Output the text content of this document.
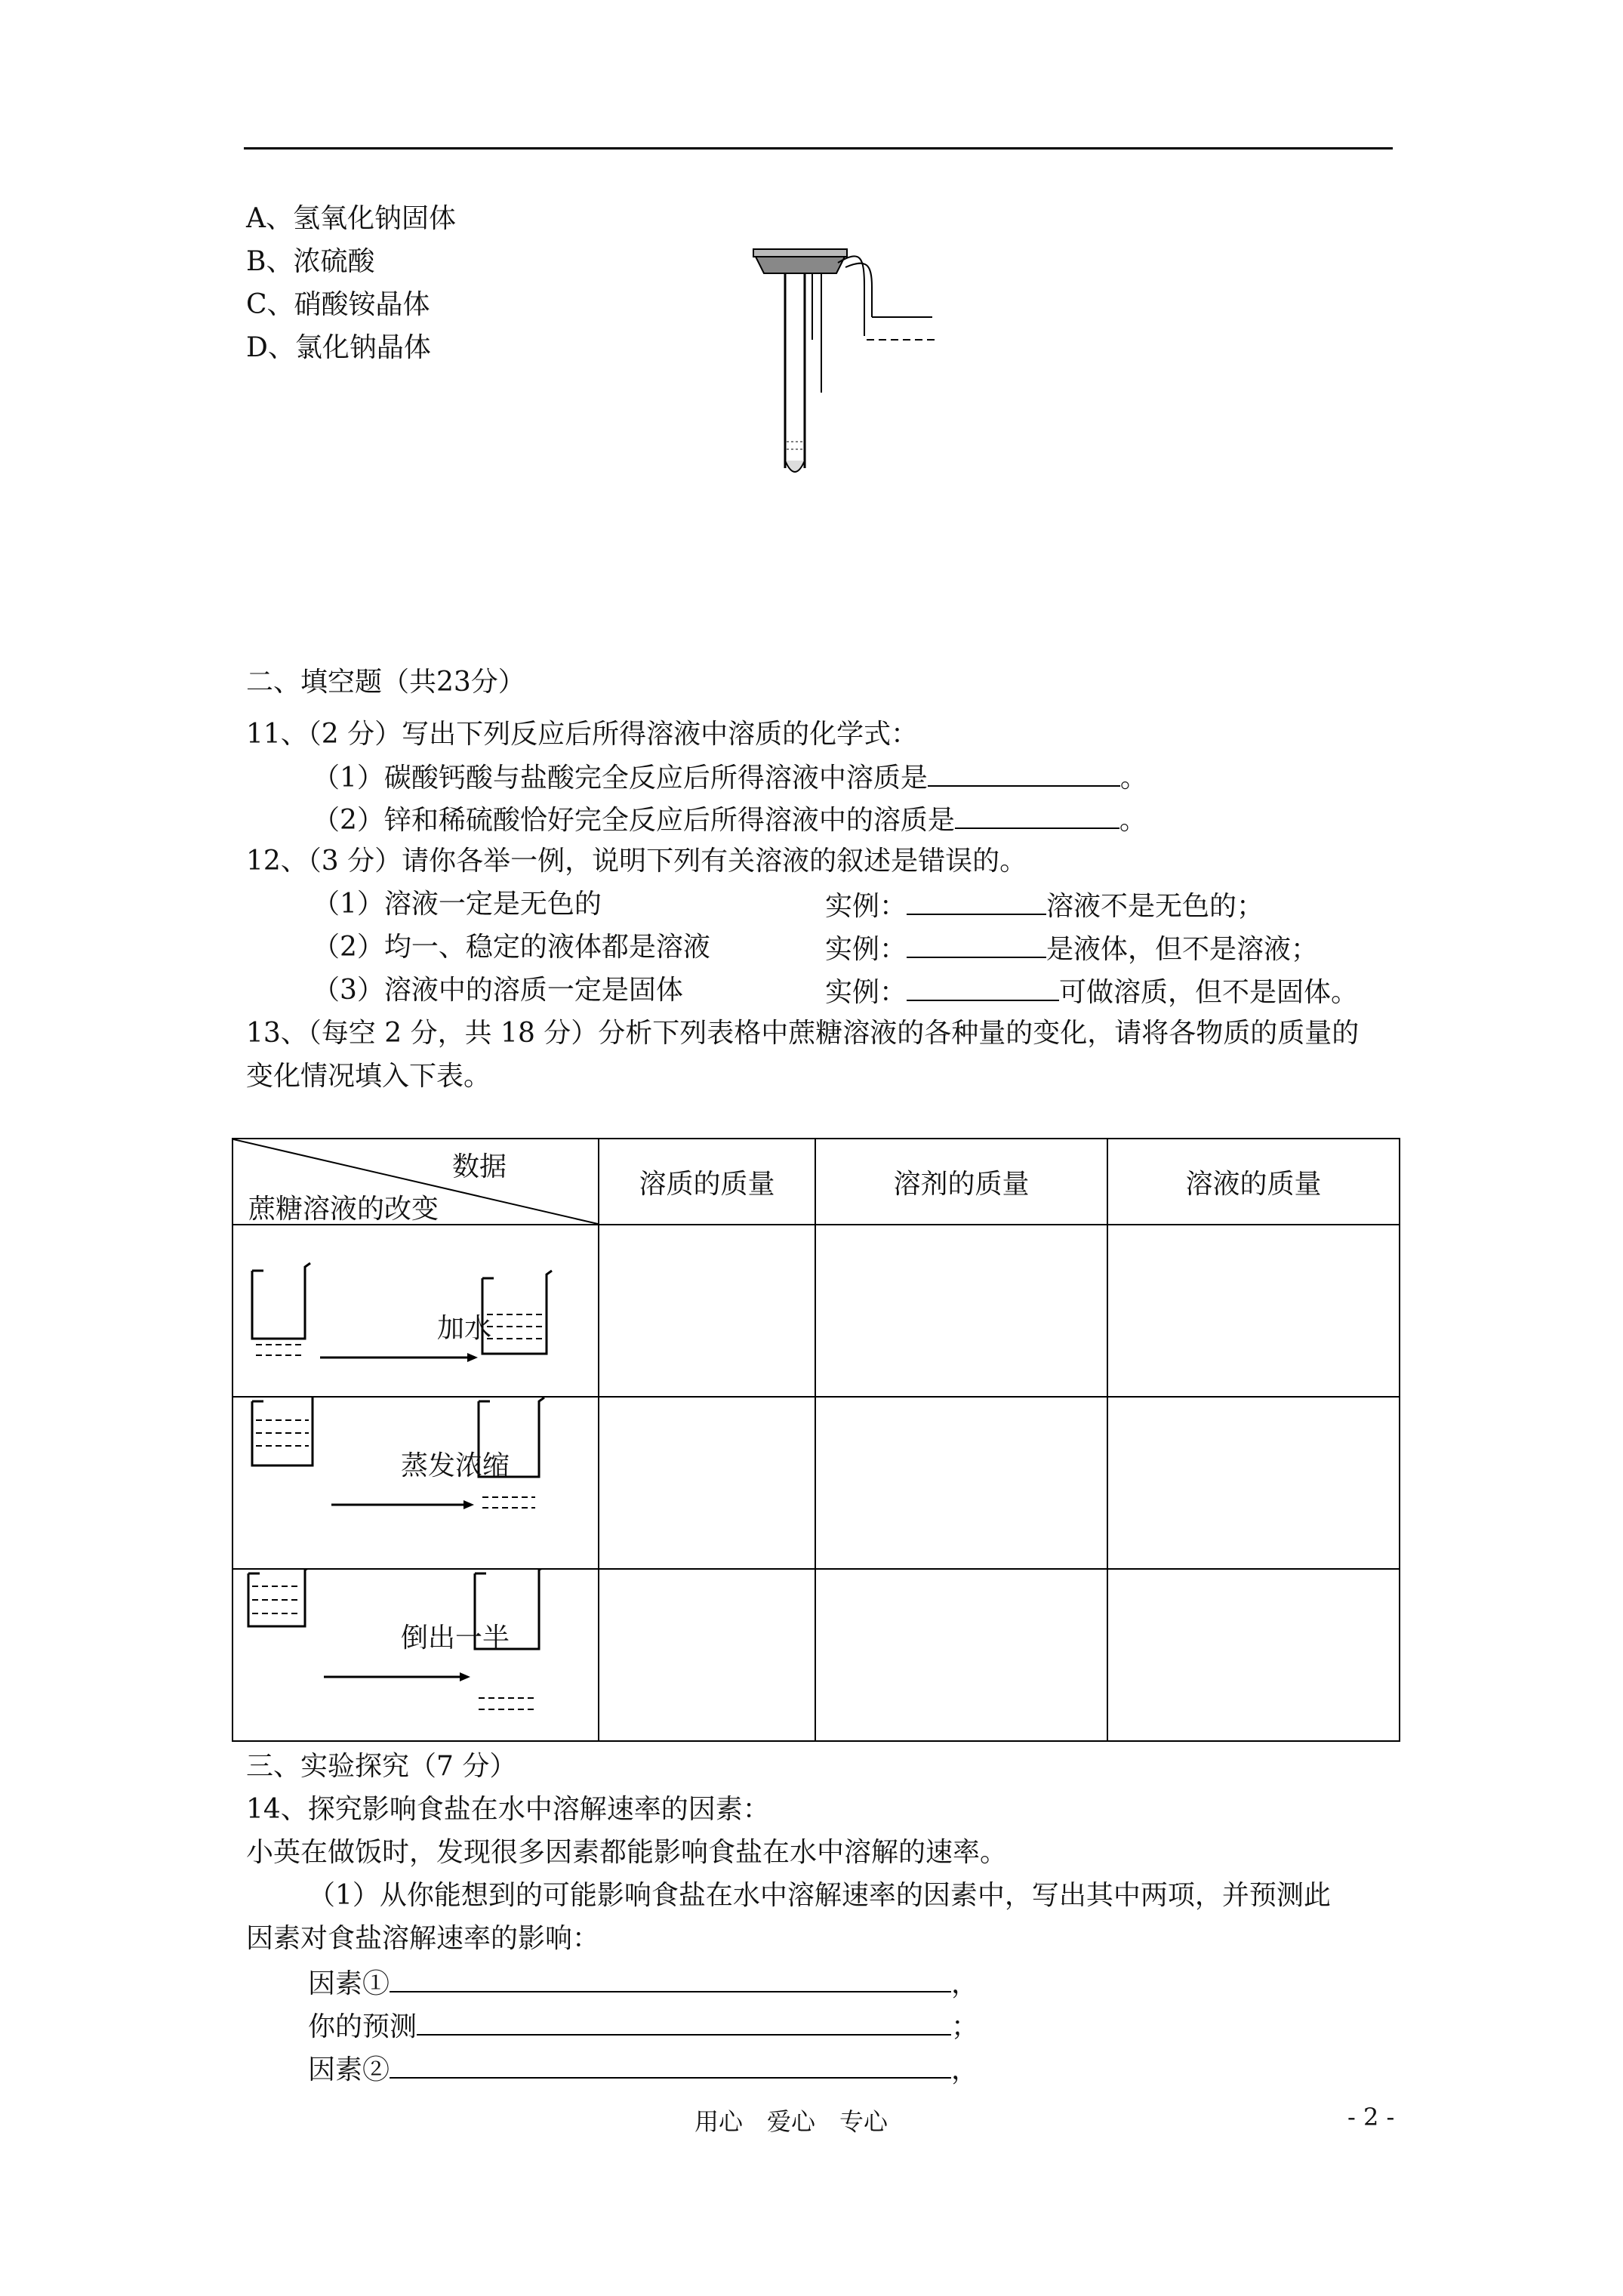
A、氢氧化钠固体
B、浓硫酸
C、硝酸铵晶体
D、氯化钠晶体
二、填空题（共23分）
11、（2 分）写出下列反应后所得溶液中溶质的化学式：
（1）碳酸钙酸与盐酸完全反应后所得溶液中溶质是	。
（2）锌和稀硫酸恰好完全反应后所得溶液中的溶质是	。
12、（3 分）请你各举一例，说明下列有关溶液的叙述是错误的。
（1）溶液一定是无色的	实例：	溶液不是无色的；
（2）均一、稳定的液体都是溶液	实例：	是液体，但不是溶液；
（3）溶液中的溶质一定是固体	实例：	可做溶质，但不是固体。
13、（每空 2 分，共 18 分）分析下列表格中蔗糖溶液的各种量的变化，请将各物质的质量的
变化情况填入下表。
数据
蔗糖溶液的改变	溶质的质量	溶剂的质量	溶液的质量

加水			

蒸发浓缩			

倒出一半			

三、实验探究（7 分）
14、探究影响食盐在水中溶解速率的因素：
小英在做饭时，发现很多因素都能影响食盐在水中溶解的速率。
（1）从你能想到的可能影响食盐在水中溶解速率的因素中，写出其中两项，并预测此
因素对食盐溶解速率的影响：
因素①	，
你的预测	；
因素②	，
用心　爱心　专心	- 2 -
